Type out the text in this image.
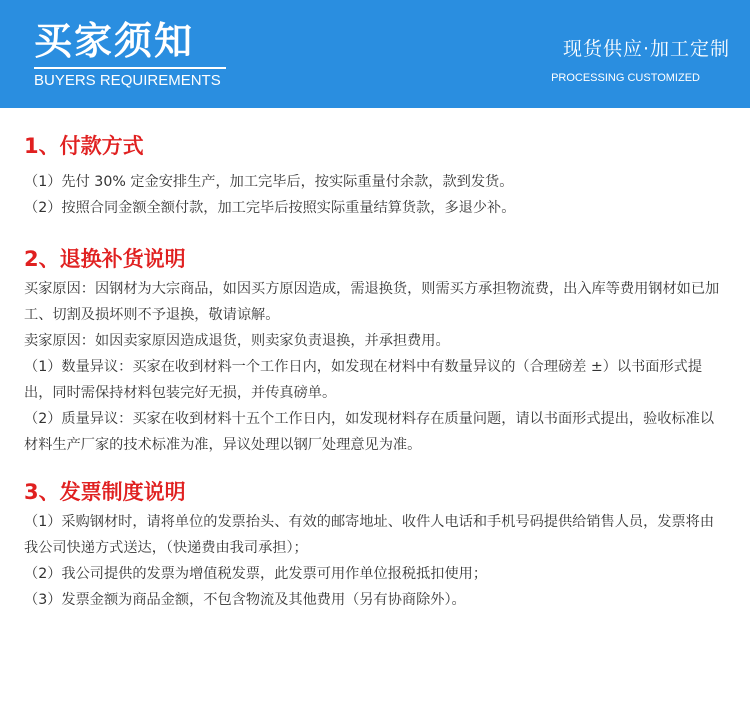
买家须知
BUYERS REQUIREMENTS
现货供应·加工定制
PROCESSING CUSTOMIZED
1、付款方式

（1）先付 30% 定金安排生产，加工完毕后，按实际重量付余款，款到发货。

（2）按照合同金额全额付款，加工完毕后按照实际重量结算货款，多退少补。

2、退换补货说明

买家原因：因钢材为大宗商品，如因买方原因造成，需退换货，则需买方承担物流费，出入库等费用钢材如已加工、切割及损坏则不予退换，敬请谅解。

卖家原因：如因卖家原因造成退货，则卖家负责退换，并承担费用。

（1）数量异议：买家在收到材料一个工作日内，如发现在材料中有数量异议的（合理磅差 ±）以书面形式提出，同时需保持材料包装完好无损，并传真磅单。

（2）质量异议：买家在收到材料十五个工作日内，如发现材料存在质量问题，请以书面形式提出，验收标准以材料生产厂家的技术标准为准，异议处理以钢厂处理意见为准。

3、发票制度说明

（1）采购钢材时，请将单位的发票抬头、有效的邮寄地址、收件人电话和手机号码提供给销售人员，发票将由我公司快递方式送达，（快递费由我司承担）；

（2）我公司提供的发票为增值税发票，此发票可用作单位报税抵扣使用；

（3）发票金额为商品金额，不包含物流及其他费用（另有协商除外）。
